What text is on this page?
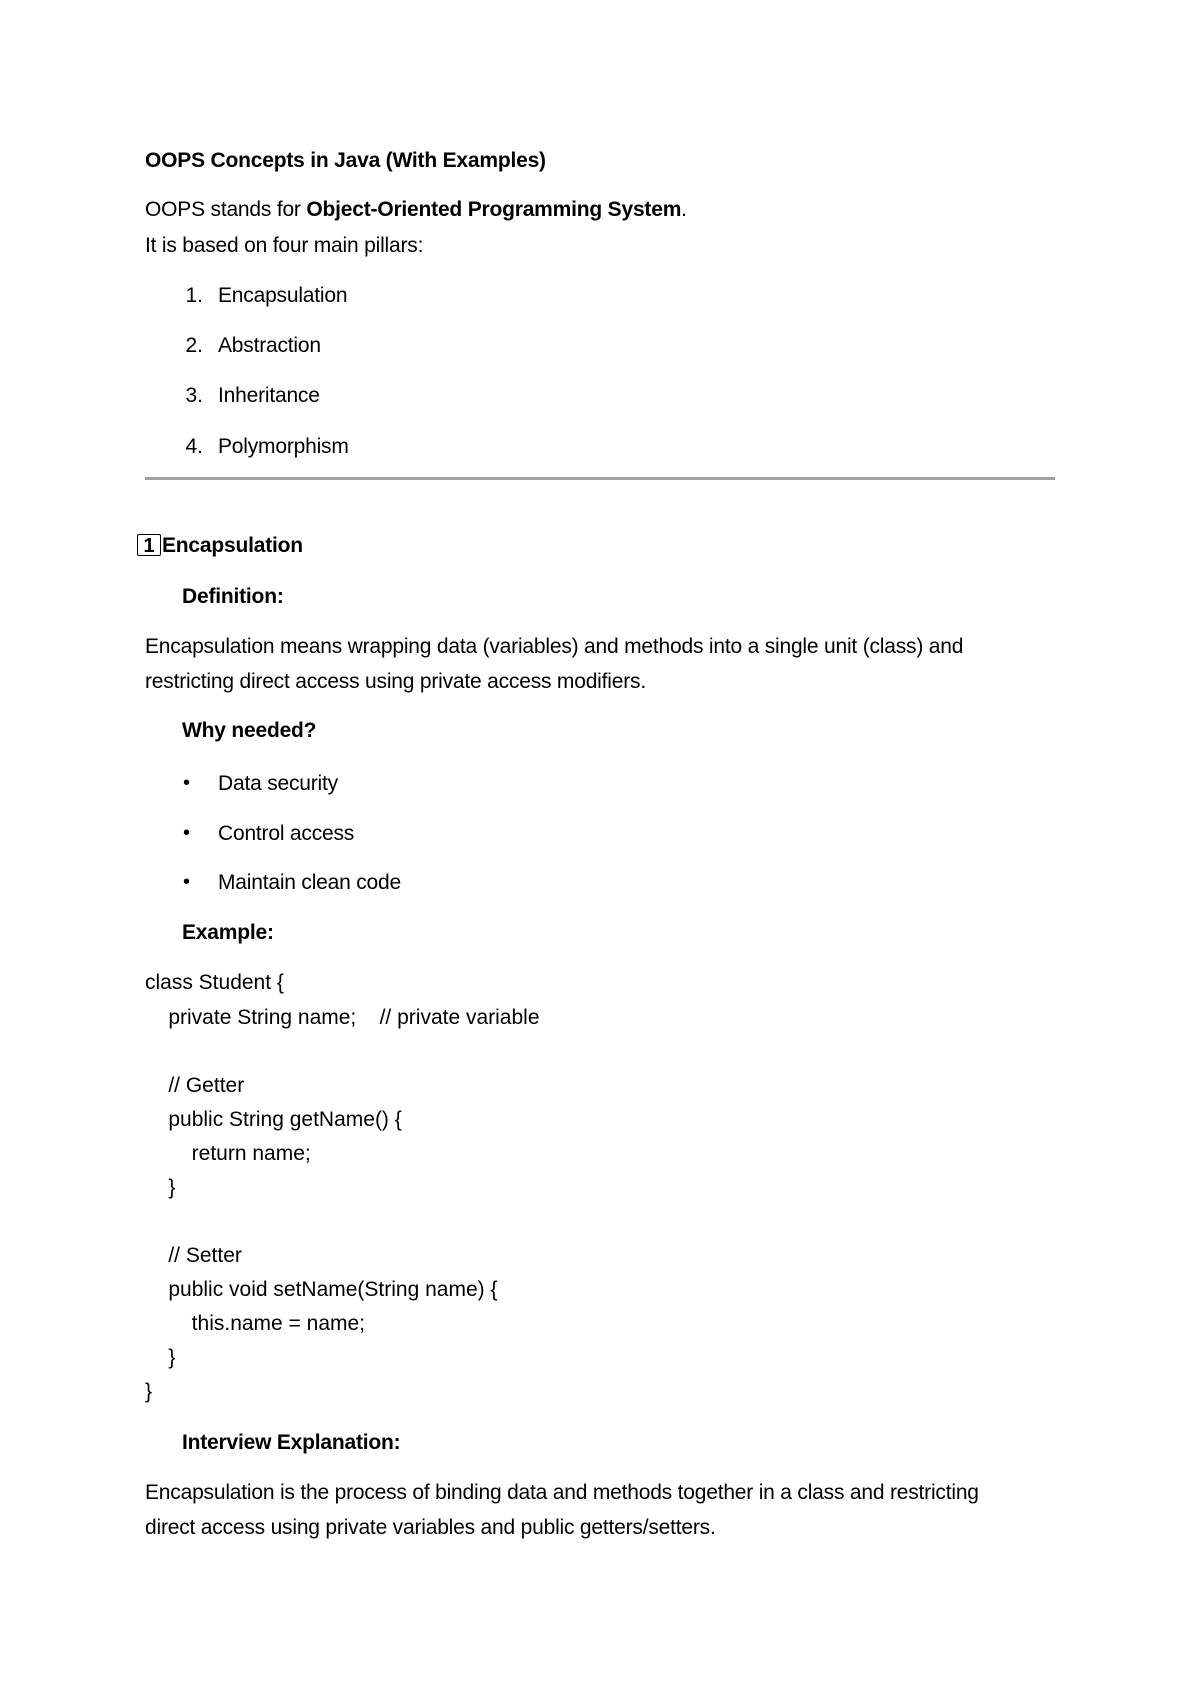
OOPS Concepts in Java (With Examples)
OOPS stands for Object-Oriented Programming System.
It is based on four main pillars:
1. Encapsulation
2. Abstraction
3. Inheritance
4. Polymorphism
1 Encapsulation
Definition:
Encapsulation means wrapping data (variables) and methods into a single unit (class) and
restricting direct access using private access modifiers.
Why needed?
• Data security
• Control access
• Maintain clean code
Example:
class Student {
private String name;    // private variable
// Getter
public String getName() {
return name;
}
// Setter
public void setName(String name) {
this.name = name;
}
}
Interview Explanation:
Encapsulation is the process of binding data and methods together in a class and restricting
direct access using private variables and public getters/setters.
